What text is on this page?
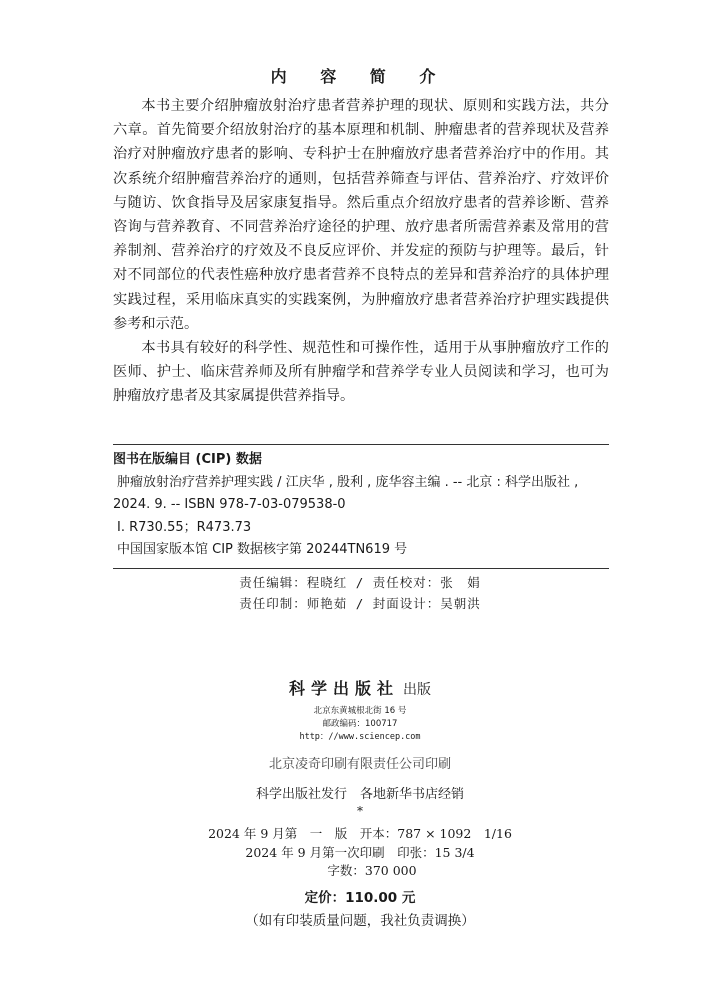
内 容 简 介

本书主要介绍肿瘤放射治疗患者营养护理的现状、原则和实践方法，共分六章。首先简要介绍放射治疗的基本原理和机制、肿瘤患者的营养现状及营养治疗对肿瘤放疗患者的影响、专科护士在肿瘤放疗患者营养治疗中的作用。其次系统介绍肿瘤营养治疗的通则，包括营养筛查与评估、营养治疗、疗效评价与随访、饮食指导及居家康复指导。然后重点介绍放疗患者的营养诊断、营养咨询与营养教育、不同营养治疗途径的护理、放疗患者所需营养素及常用的营养制剂、营养治疗的疗效及不良反应评价、并发症的预防与护理等。最后，针对不同部位的代表性癌种放疗患者营养不良特点的差异和营养治疗的具体护理实践过程，采用临床真实的实践案例，为肿瘤放疗患者营养治疗护理实践提供参考和示范。

本书具有较好的科学性、规范性和可操作性，适用于从事肿瘤放疗工作的医师、护士、临床营养师及所有肿瘤学和营养学专业人员阅读和学习，也可为肿瘤放疗患者及其家属提供营养指导。

图书在版编目 (CIP) 数据

肿瘤放射治疗营养护理实践 / 江庆华 , 殷利 , 庞华容主编 . -- 北京 : 科学出版社 , 2024. 9. -- ISBN 978-7-03-079538-0

Ⅰ. R730.55；R473.73

中国国家版本馆 CIP 数据核字第 20244TN619 号

责任编辑：程晓红 / 责任校对：张　娟

责任印制：师艳茹 / 封面设计：吴朝洪

科学出版社 出版

北京东黄城根北街 16 号

邮政编码：100717

http：//www.sciencep.com

北京凌奇印刷有限责任公司印刷
科学出版社发行　各地新华书店经销
*

2024 年 9 月第　一　版　开本：787 × 1092　1/16

2024 年 9 月第一次印刷　印张：15 3/4

字数：370 000

定价：110.00 元
（如有印装质量问题，我社负责调换）
